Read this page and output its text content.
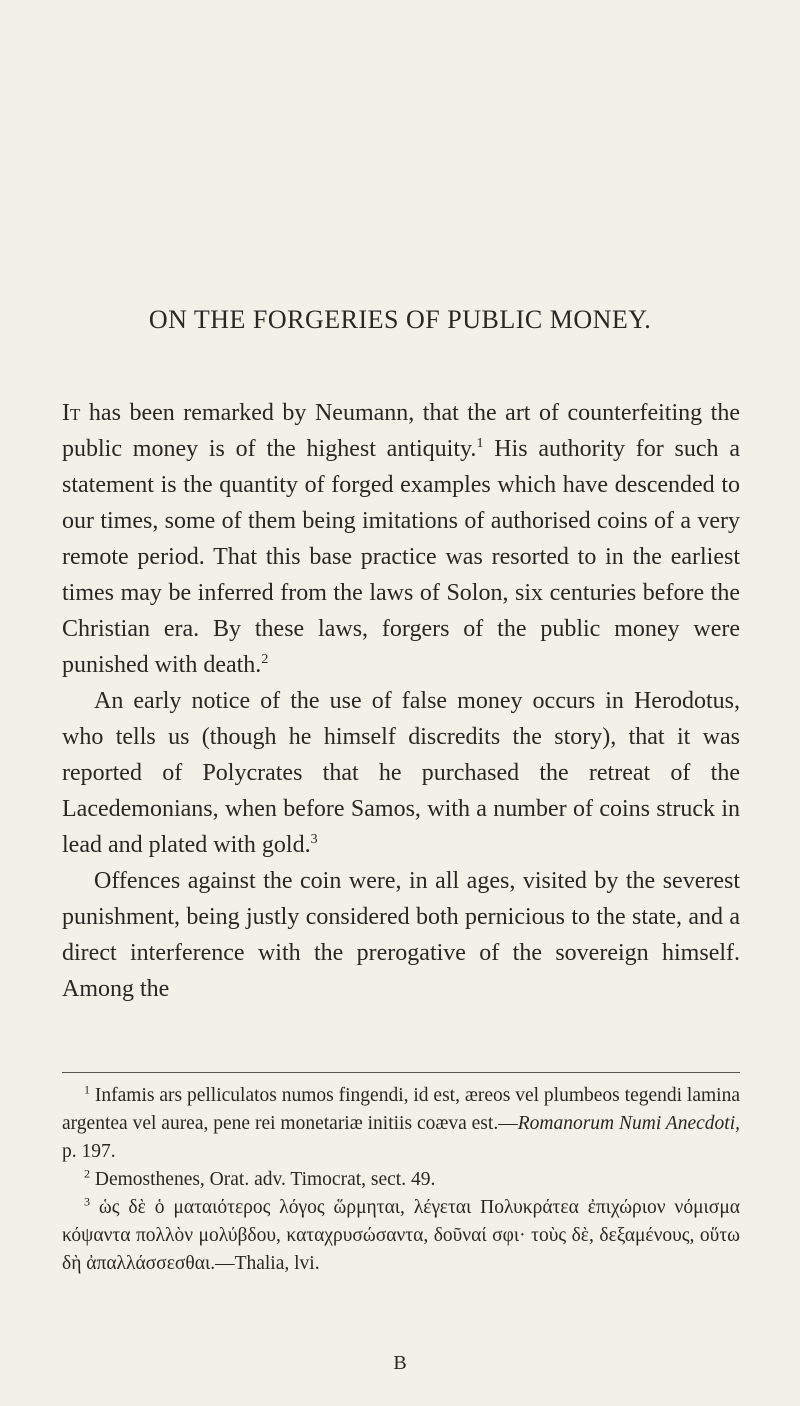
ON THE FORGERIES OF PUBLIC MONEY.

It has been remarked by Neumann, that the art of counterfeiting the public money is of the highest antiquity.$^1$ His authority for such a statement is the quantity of forged examples which have descended to our times, some of them being imitations of authorised coins of a very remote period. That this base practice was resorted to in the earliest times may be inferred from the laws of Solon, six centuries before the Christian era. By these laws, forgers of the public money were punished with death.$^2$

An early notice of the use of false money occurs in Herodotus, who tells us (though he himself discredits the story), that it was reported of Polycrates that he purchased the retreat of the Lacedemonians, when before Samos, with a number of coins struck in lead and plated with gold.$^3$

Offences against the coin were, in all ages, visited by the severest punishment, being justly considered both pernicious to the state, and a direct interference with the prerogative of the sovereign himself. Among the

$^1$ Infamis ars pelliculatos numos fingendi, id est, æreos vel plumbeos tegendi lamina argentea vel aurea, pene rei monetariæ initiis coæva est.—Romanorum Numi Anecdoti, p. 197.

$^2$ Demosthenes, Orat. adv. Timocrat, sect. 49.

$^3$ ὡς δὲ ὁ ματαιότερος λόγος ὥρμηται, λέγεται Πολυκράτεα ἐπιχώριον νόμισμα κόψαντα πολλὸν μολύβδου, καταχρυσώσαντα, δοῦναί σφι· τοὺς δὲ, δεξαμένους, οὕτω δὴ ἀπαλλάσσεσθαι.—Thalia, lvi.

B
